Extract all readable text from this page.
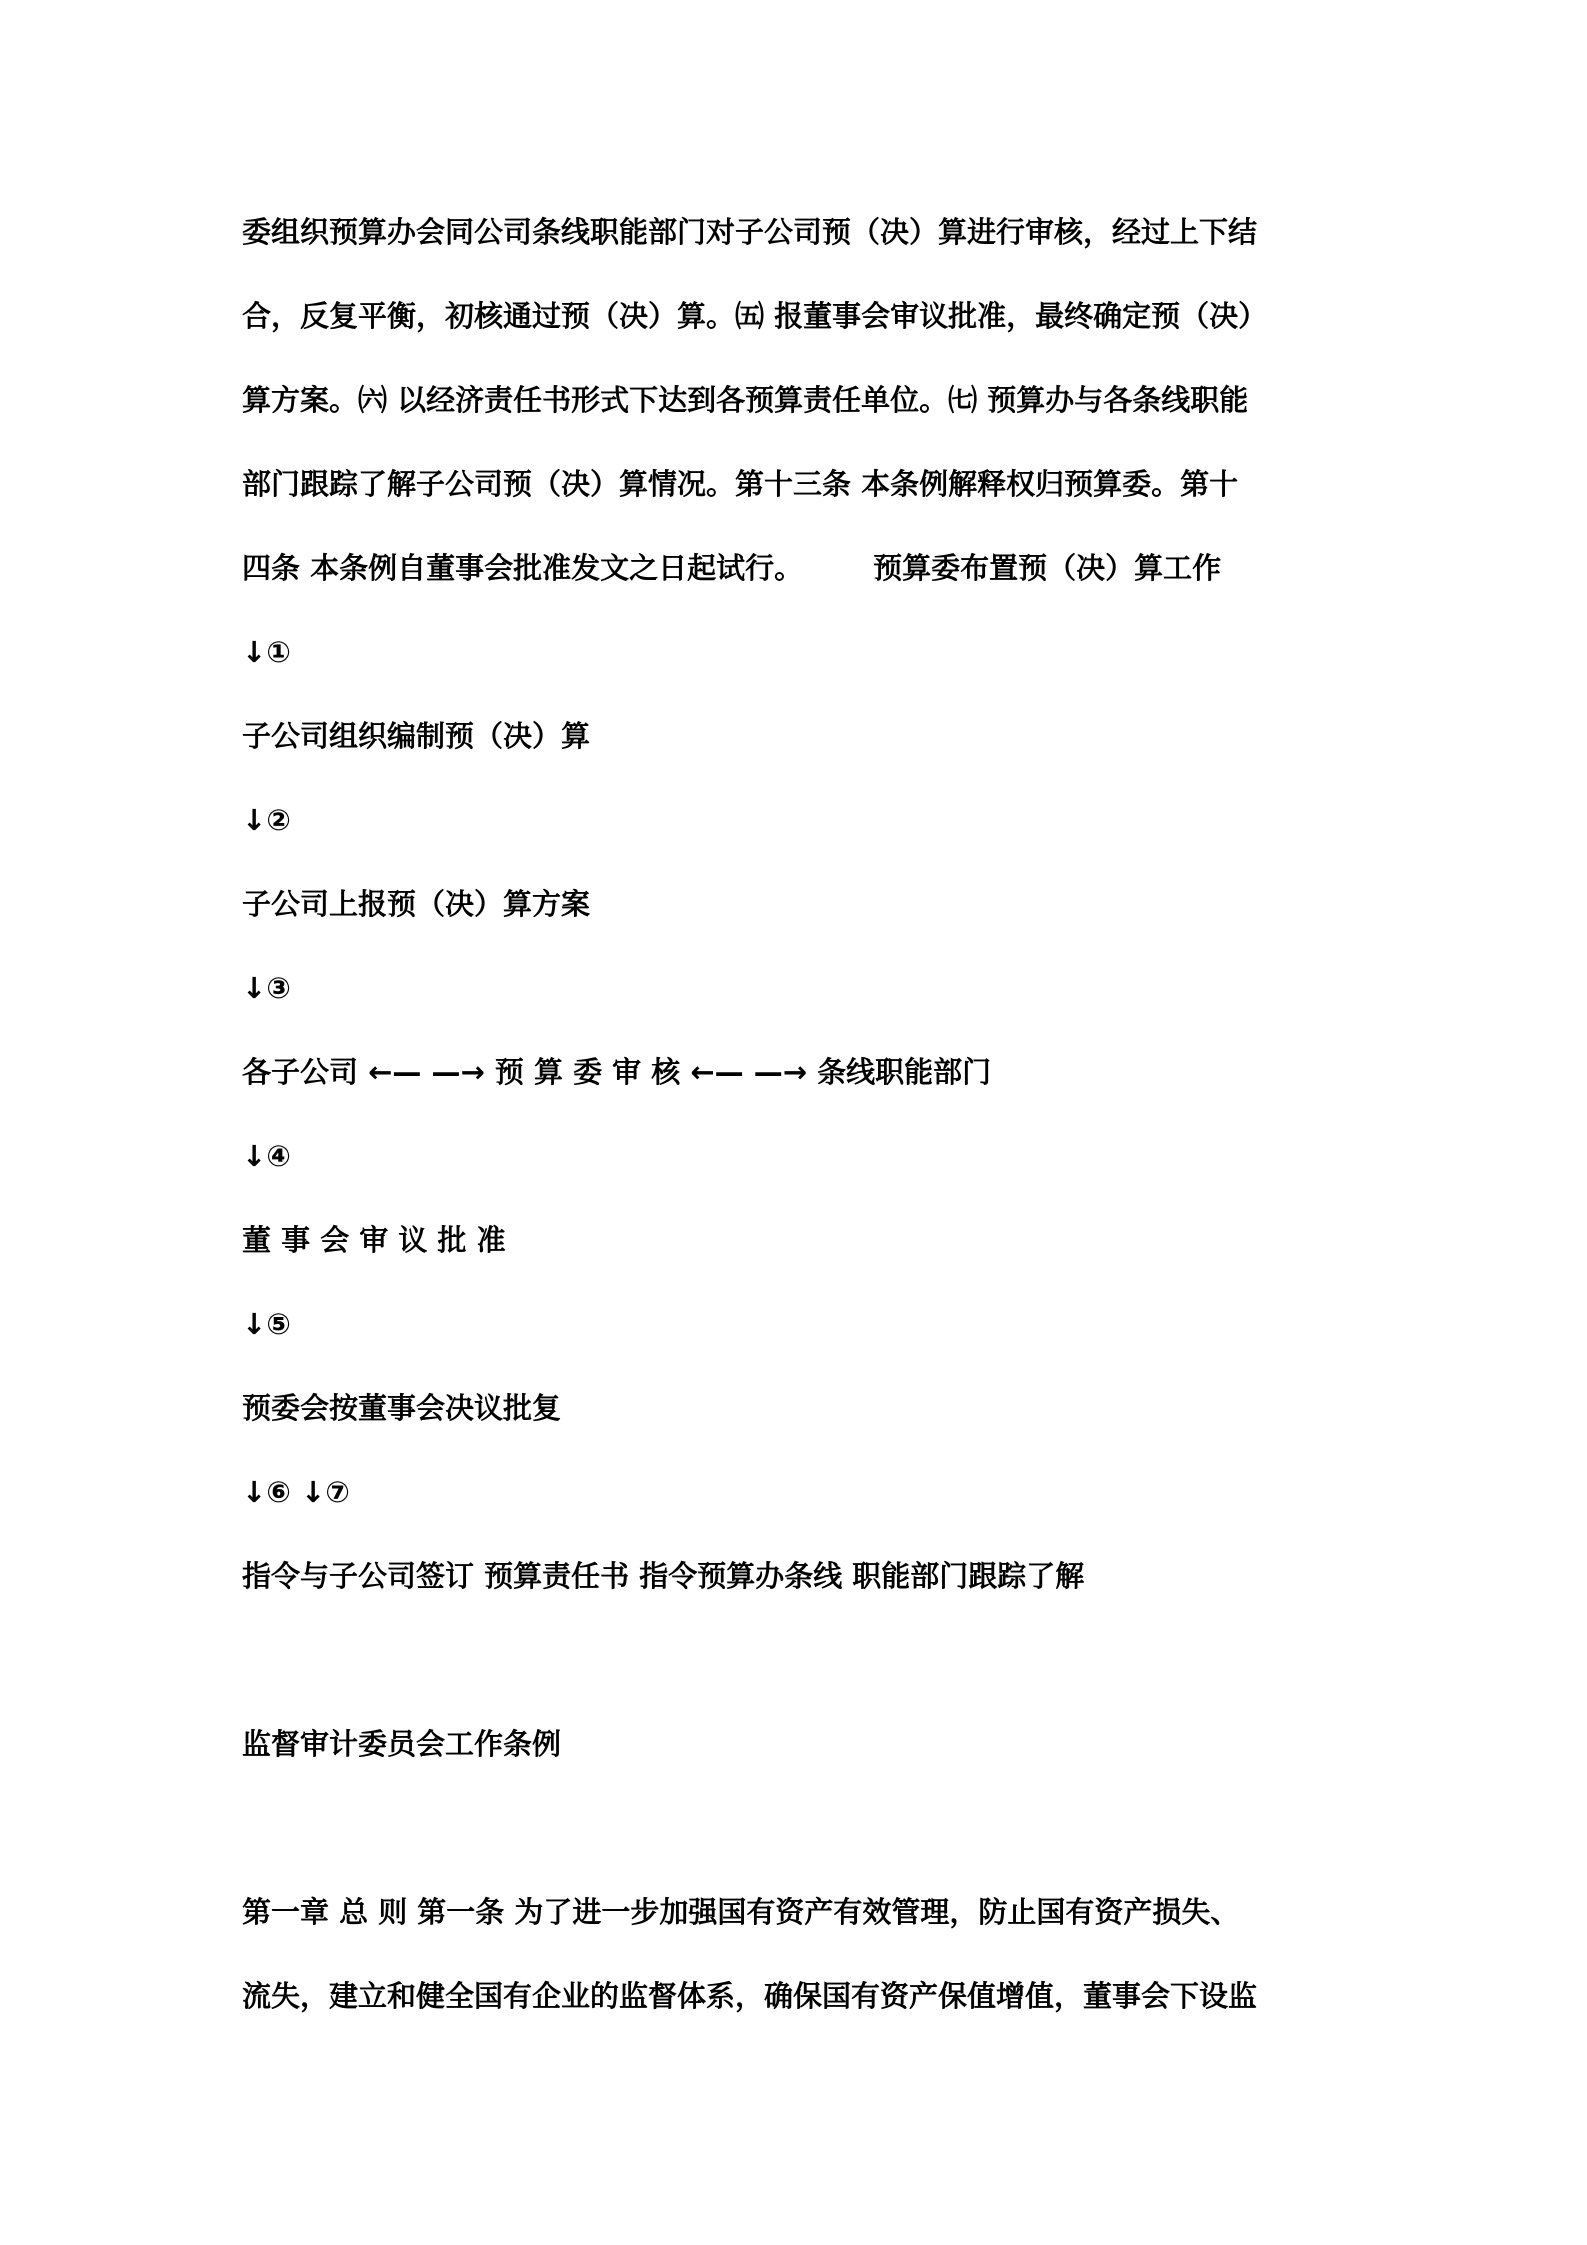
委组织预算办会同公司条线职能部门对子公司预（决）算进行审核，经过上下结
合，反复平衡，初核通过预（决）算。㈤ 报董事会审议批准，最终确定预（决）
算方案。㈥ 以经济责任书形式下达到各预算责任单位。㈦ 预算办与各条线职能
部门跟踪了解子公司预（决）算情况。第十三条 本条例解释权归预算委。第十
四条 本条例自董事会批准发文之日起试行。 预算委布置预（决）算工作
↓①
子公司组织编制预（决）算
↓②
子公司上报预（决）算方案
↓③
各子公司 ←— —→ 预 算 委 审 核 ←— —→ 条线职能部门
↓④
董 事 会 审 议 批 准
↓⑤
预委会按董事会决议批复
↓⑥ ↓⑦
指令与子公司签订 预算责任书 指令预算办条线 职能部门跟踪了解
监督审计委员会工作条例
第一章 总 则 第一条 为了进一步加强国有资产有效管理，防止国有资产损失、
流失，建立和健全国有企业的监督体系，确保国有资产保值增值，董事会下设监
